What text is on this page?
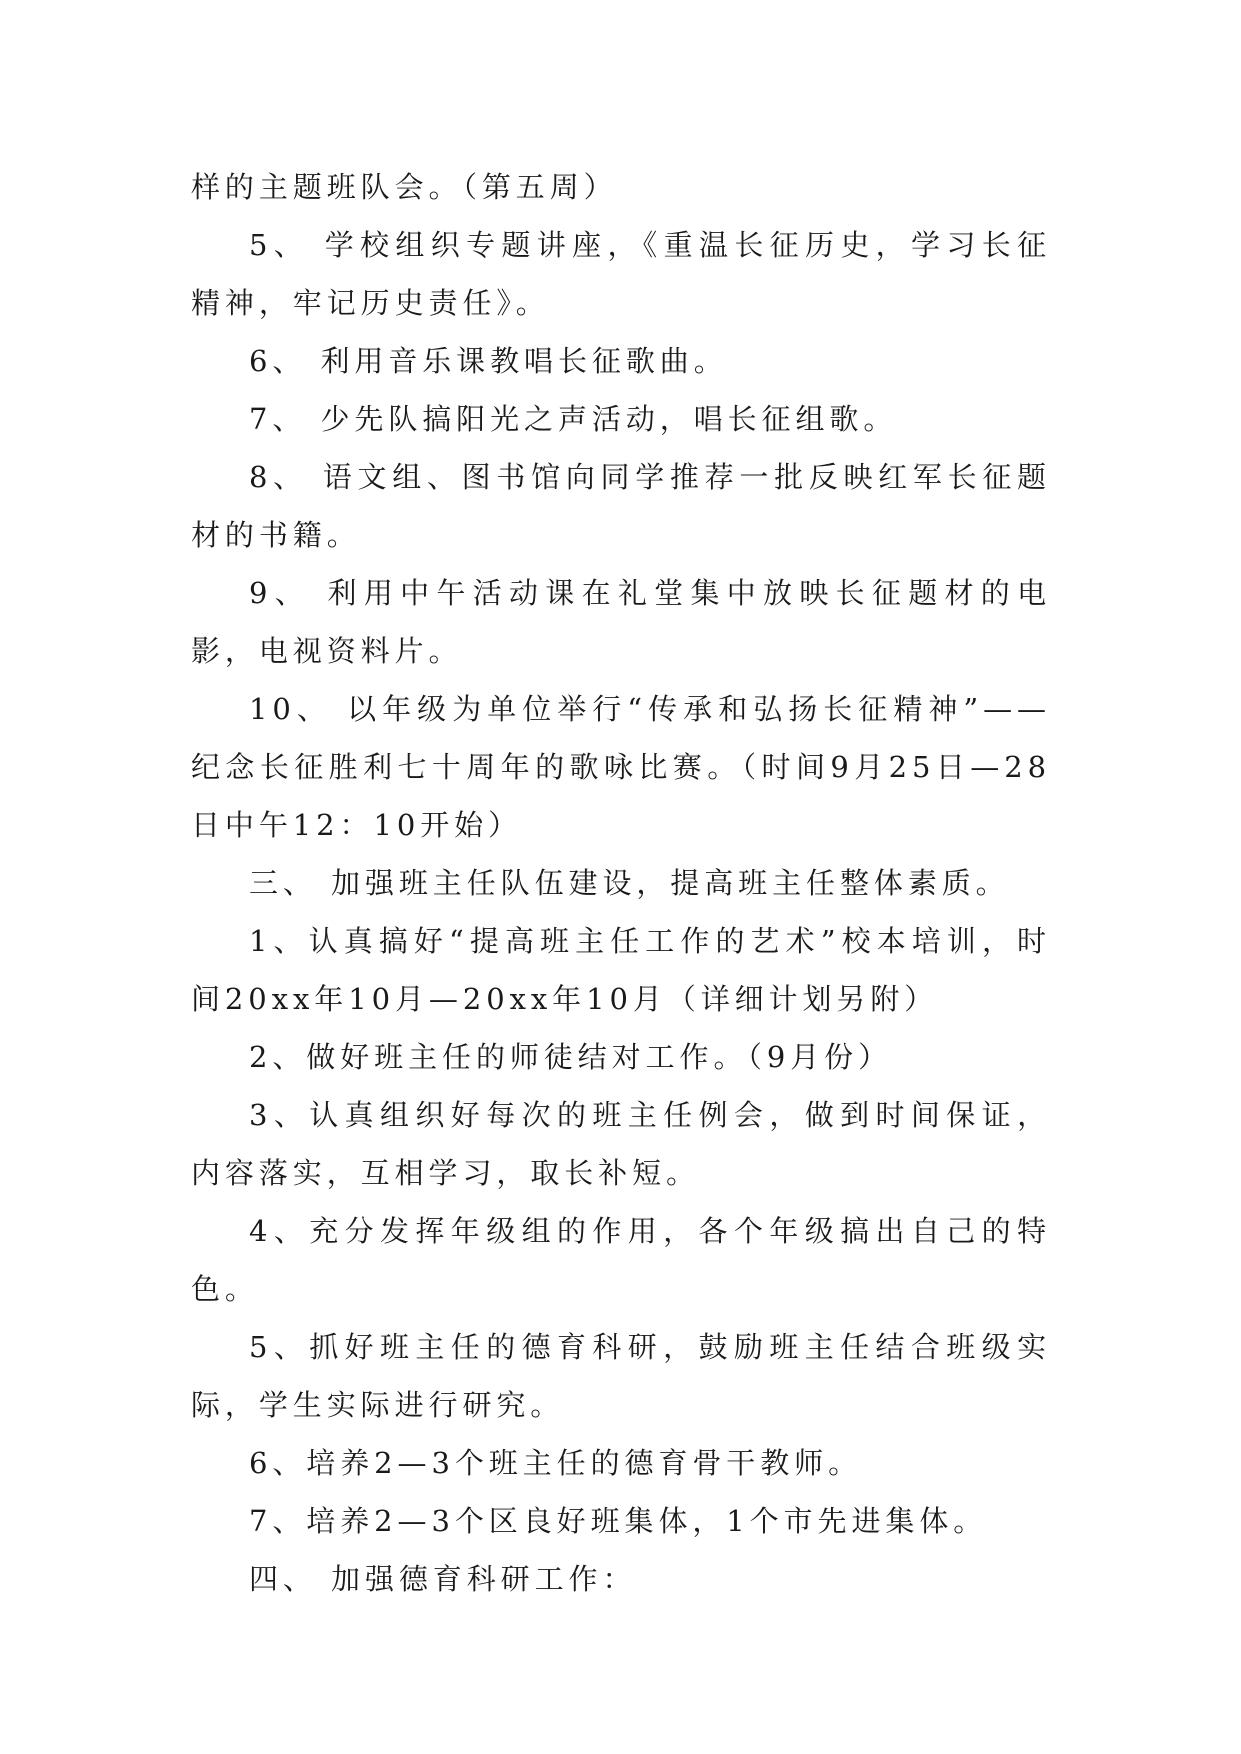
样的主题班队会。（第五周）

5、 学校组织专题讲座，《重温长征历史，学习长征精神，牢记历史责任》。

6、 利用音乐课教唱长征歌曲。

7、 少先队搞阳光之声活动，唱长征组歌。

8、 语文组、图书馆向同学推荐一批反映红军长征题材的书籍。

9、 利用中午活动课在礼堂集中放映长征题材的电影，电视资料片。

10、 以年级为单位举行“传承和弘扬长征精神”——纪念长征胜利七十周年的歌咏比赛。（时间9月25日—28日中午12：10开始）

三、 加强班主任队伍建设，提高班主任整体素质。

1、认真搞好“提高班主任工作的艺术”校本培训，时间20xx年10月—20xx年10月（详细计划另附）

2、做好班主任的师徒结对工作。（9月份）

3、认真组织好每次的班主任例会，做到时间保证，内容落实，互相学习，取长补短。

4、充分发挥年级组的作用，各个年级搞出自己的特色。

5、抓好班主任的德育科研，鼓励班主任结合班级实际，学生实际进行研究。

6、培养2—3个班主任的德育骨干教师。

7、培养2—3个区良好班集体，1个市先进集体。

四、 加强德育科研工作：
